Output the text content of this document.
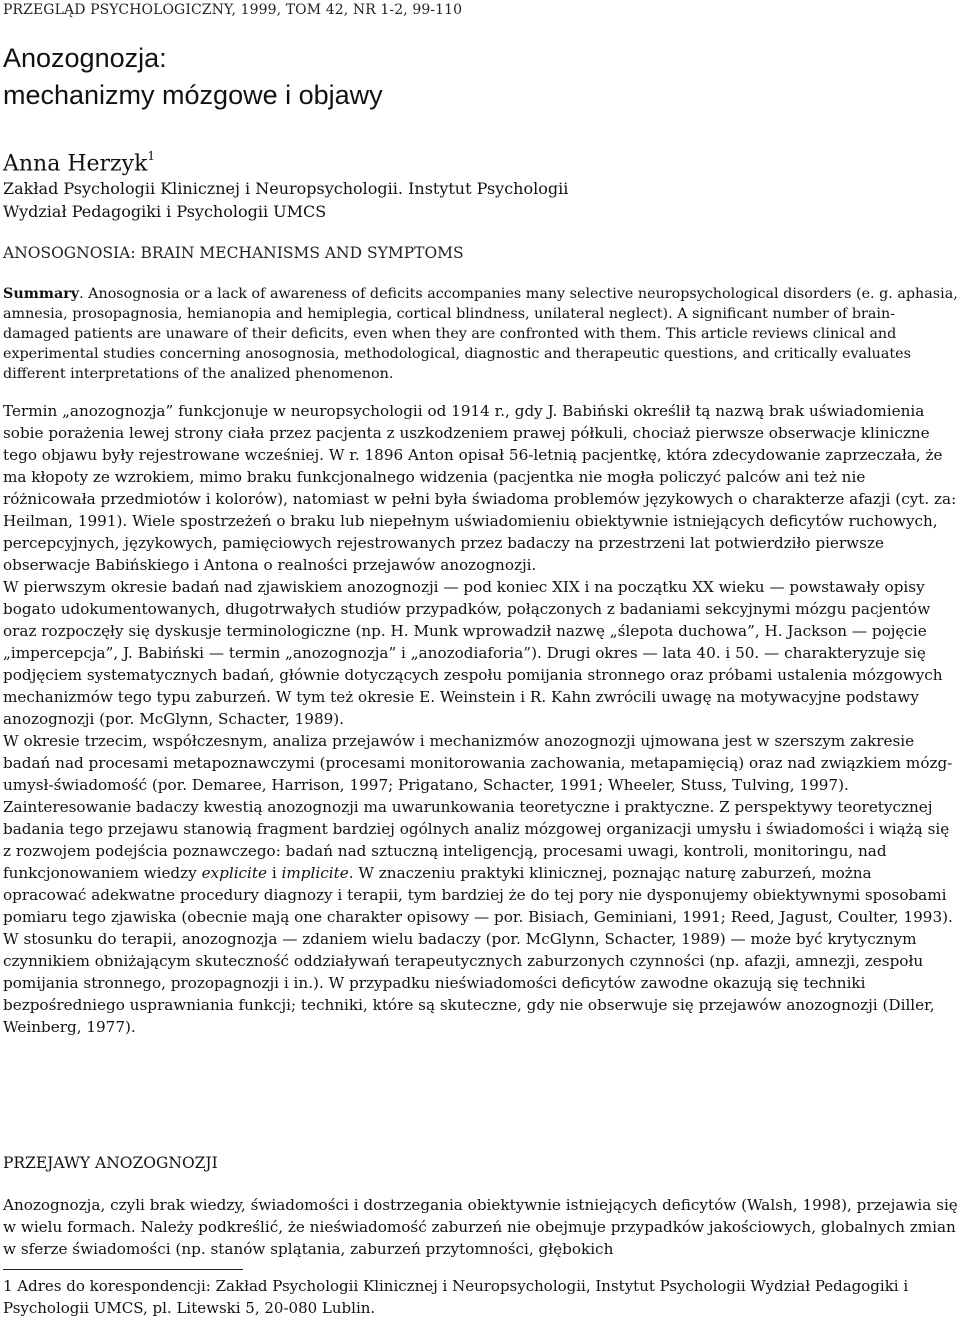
PRZEGLĄD PSYCHOLOGICZNY, 1999, TOM 42, NR 1-2, 99-110
Anozognozja:
mechanizmy mózgowe i objawy
Anna Herzyk$^1$
Zakład Psychologii Klinicznej i Neuropsychologii. Instytut Psychologii
Wydział Pedagogiki i Psychologii UMCS
ANOSOGNOSIA: BRAIN MECHANISMS AND SYMPTOMS
Summary. Anosognosia or a lack of awareness of deficits accompanies many selective neuropsychological disorders (e. g. aphasia, amnesia, prosopagnosia, hemianopia and hemiplegia, cortical blindness, unilateral neglect). A significant number of brain-damaged patients are unaware of their deficits, even when they are confronted with them. This article reviews clinical and experimental studies concerning anosognosia, methodological, diagnostic and therapeutic questions, and critically evaluates different interpretations of the analized phenomenon.

Termin „anozognozja” funkcjonuje w neuropsychologii od 1914 r., gdy J. Babiński określił tą nazwą brak uświadomienia sobie porażenia lewej strony ciała przez pacjenta z uszkodzeniem prawej półkuli, chociaż pierwsze obserwacje kliniczne tego objawu były rejestrowane wcześniej. W r. 1896 Anton opisał 56-letnią pacjentkę, która zdecydowanie zaprzeczała, że ma kłopoty ze wzrokiem, mimo braku funkcjonalnego widzenia (pacjentka nie mogła policzyć palców ani też nie różnicowała przedmiotów i kolorów), natomiast w pełni była świadoma problemów językowych o charakterze afazji (cyt. za: Heilman, 1991). Wiele spostrzeżeń o braku lub niepełnym uświadomieniu obiektywnie istniejących deficytów ruchowych, percepcyjnych, językowych, pamięciowych rejestrowanych przez badaczy na przestrzeni lat potwierdziło pierwsze obserwacje Babińskiego i Antona o realności przejawów anozognozji.

W pierwszym okresie badań nad zjawiskiem anozognozji — pod koniec XIX i na początku XX wieku — powstawały opisy bogato udokumentowanych, długotrwałych studiów przypadków, połączonych z badaniami sekcyjnymi mózgu pacjentów oraz rozpoczęły się dyskusje terminologiczne (np. H. Munk wprowadził nazwę „ślepota duchowa”, H. Jackson — pojęcie „impercepcja”, J. Babiński — termin „anozognozja” i „anozodiaforia”). Drugi okres — lata 40. i 50. — charakteryzuje się podjęciem systematycznych badań, głównie dotyczących zespołu pomijania stronnego oraz próbami ustalenia mózgowych mechanizmów tego typu zaburzeń. W tym też okresie E. Weinstein i R. Kahn zwrócili uwagę na motywacyjne podstawy anozognozji (por. McGlynn, Schacter, 1989).

W okresie trzecim, współczesnym, analiza przejawów i mechanizmów anozognozji ujmowana jest w szerszym zakresie badań nad procesami metapoznawczymi (procesami monitorowania zachowania, metapamięcią) oraz nad związkiem mózg-umysł-świadomość (por. Demaree, Harrison, 1997; Prigatano, Schacter, 1991; Wheeler, Stuss, Tulving, 1997).

Zainteresowanie badaczy kwestią anozognozji ma uwarunkowania teoretyczne i praktyczne. Z perspektywy teoretycznej badania tego przejawu stanowią fragment bardziej ogólnych analiz mózgowej organizacji umysłu i świadomości i wiążą się z rozwojem podejścia poznawczego: badań nad sztuczną inteligencją, procesami uwagi, kontroli, monitoringu, nad funkcjonowaniem wiedzy explicite i implicite. W znaczeniu praktyki klinicznej, poznając naturę zaburzeń, można opracować adekwatne procedury diagnozy i terapii, tym bardziej że do tej pory nie dysponujemy obiektywnymi sposobami pomiaru tego zjawiska (obecnie mają one charakter opisowy — por. Bisiach, Geminiani, 1991; Reed, Jagust, Coulter, 1993). W stosunku do terapii, anozognozja — zdaniem wielu badaczy (por. McGlynn, Schacter, 1989) — może być krytycznym czynnikiem obniżającym skuteczność oddziaływań terapeutycznych zaburzonych czynności (np. afazji, amnezji, zespołu pomijania stronnego, prozopagnozji i in.). W przypadku nieświadomości deficytów zawodne okazują się techniki bezpośredniego usprawniania funkcji; techniki, które są skuteczne, gdy nie obserwuje się przejawów anozognozji (Diller, Weinberg, 1977).

PRZEJAWY ANOZOGNOZJI

Anozognozja, czyli brak wiedzy, świadomości i dostrzegania obiektywnie istniejących deficytów (Walsh, 1998), przejawia się w wielu formach. Należy podkreślić, że nieświadomość zaburzeń nie obejmuje przypadków jakościowych, globalnych zmian w sferze świadomości (np. stanów splątania, zaburzeń przytomności, głębokich

1 Adres do korespondencji: Zakład Psychologii Klinicznej i Neuropsychologii, Instytut Psychologii Wydział Pedagogiki i Psychologii UMCS, pl. Litewski 5, 20-080 Lublin.
